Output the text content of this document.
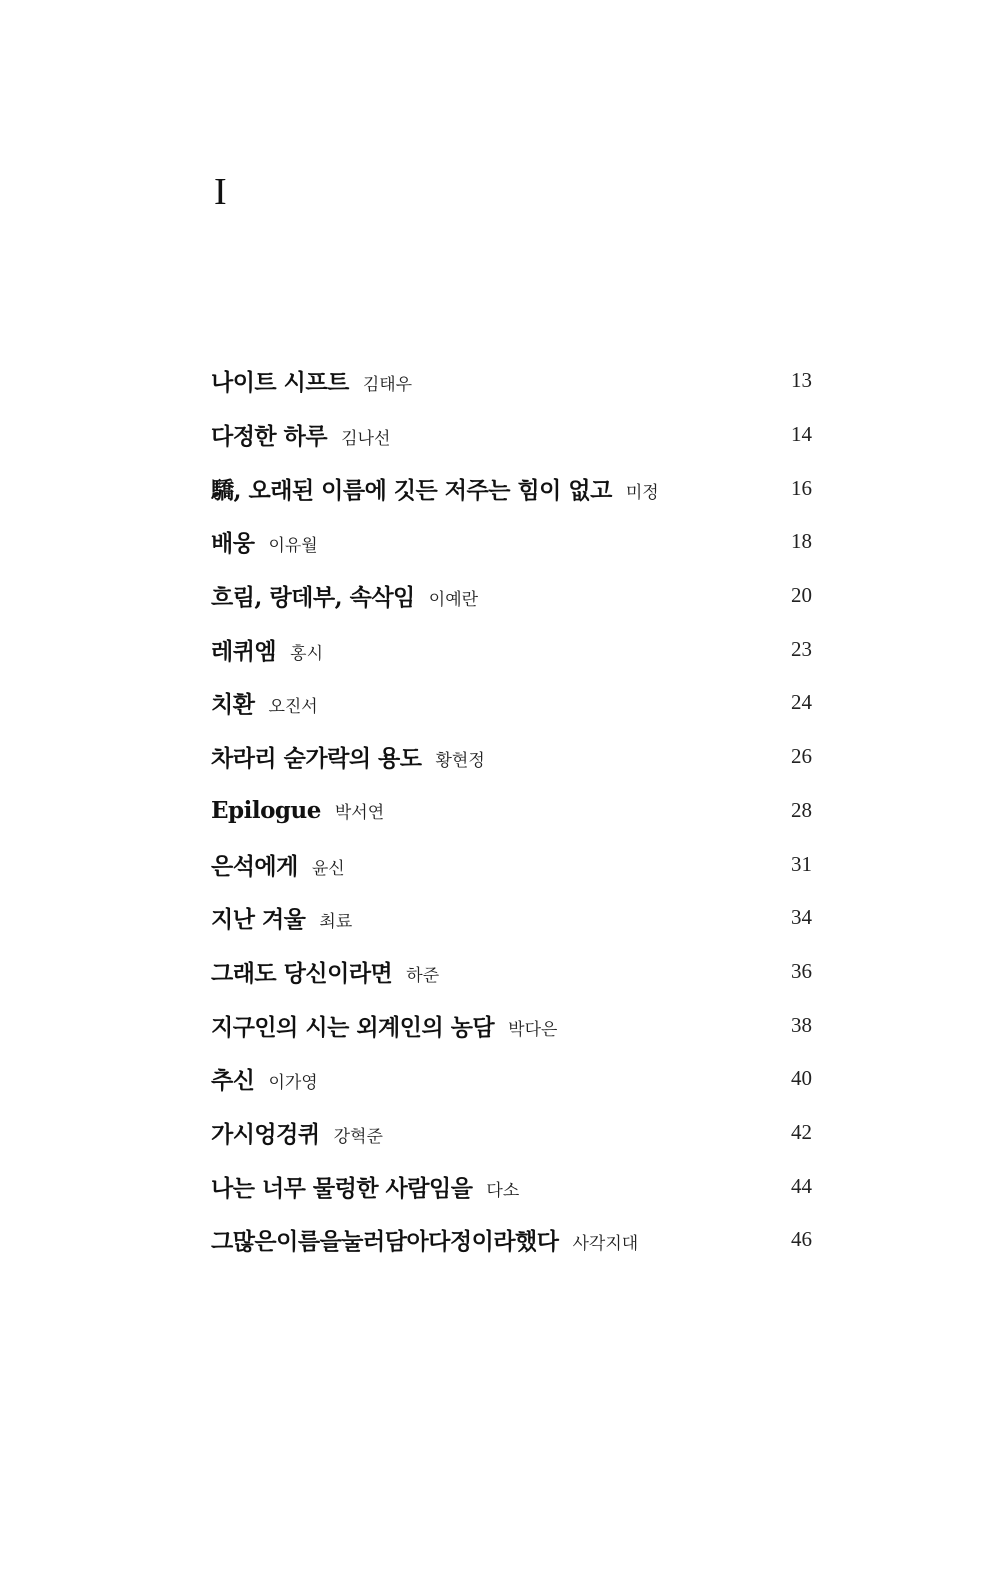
I
나이트 시프트 김태우	13
다정한 하루 김나선	14
驕, 오래된 이름에 깃든 저주는 힘이 없고 미정	16
배웅 이유월	18
흐림, 랑데부, 속삭임 이예란	20
레퀴엠 홍시	23
치환 오진서	24
차라리 숟가락의 용도 황현정	26
Epilogue 박서연	28
은석에게 윤신	31
지난 겨울 최료	34
그래도 당신이라면 하준	36
지구인의 시는 외계인의 농담 박다은	38
추신 이가영	40
가시엉겅퀴 강혁준	42
나는 너무 물렁한 사람임을 다소	44
그많은이름을눌러담아다정이라했다 사각지대	46
